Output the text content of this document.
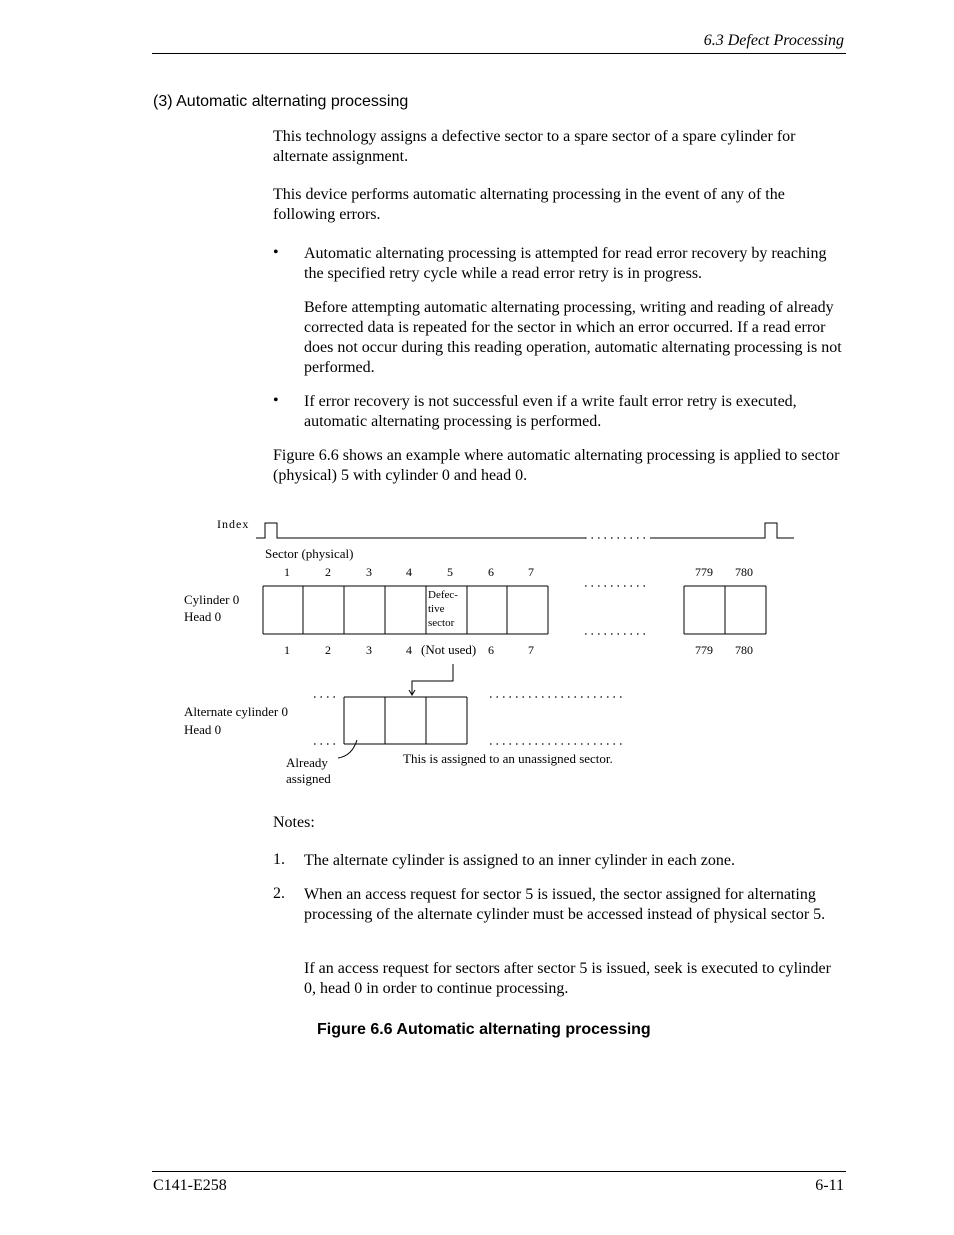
6.3 Defect Processing
(3) Automatic alternating processing

This technology assigns a defective sector to a spare sector of a spare cylinder for alternate assignment.

This device performs automatic alternating processing in the event of any of the following errors.

• Automatic alternating processing is attempted for read error recovery by reaching the specified retry cycle while a read error retry is in progress.

Before attempting automatic alternating processing, writing and reading of already corrected data is repeated for the sector in which an error occurred. If a read error does not occur during this reading operation, automatic alternating processing is not performed.

• If error recovery is not successful even if a write fault error retry is executed, automatic alternating processing is performed.

Figure 6.6 shows an example where automatic alternating processing is applied to sector (physical) 5 with cylinder 0 and head 0.

Index
Sector (physical)
1	2	3	4	5	6	7	779 780
Cylinder 0
Head 0
Defec-
tive
sector
1	2	3	4	6	7	779 780
(Not used)
Alternate cylinder 0
Head 0
Already
assigned
This is assigned to an unassigned sector.

Notes:

1. The alternate cylinder is assigned to an inner cylinder in each zone.

2. When an access request for sector 5 is issued, the sector assigned for alternating processing of the alternate cylinder must be accessed instead of physical sector 5.

If an access request for sectors after sector 5 is issued, seek is executed to cylinder 0, head 0 in order to continue processing.

Figure 6.6 Automatic alternating processing
C141-E258	6-11
